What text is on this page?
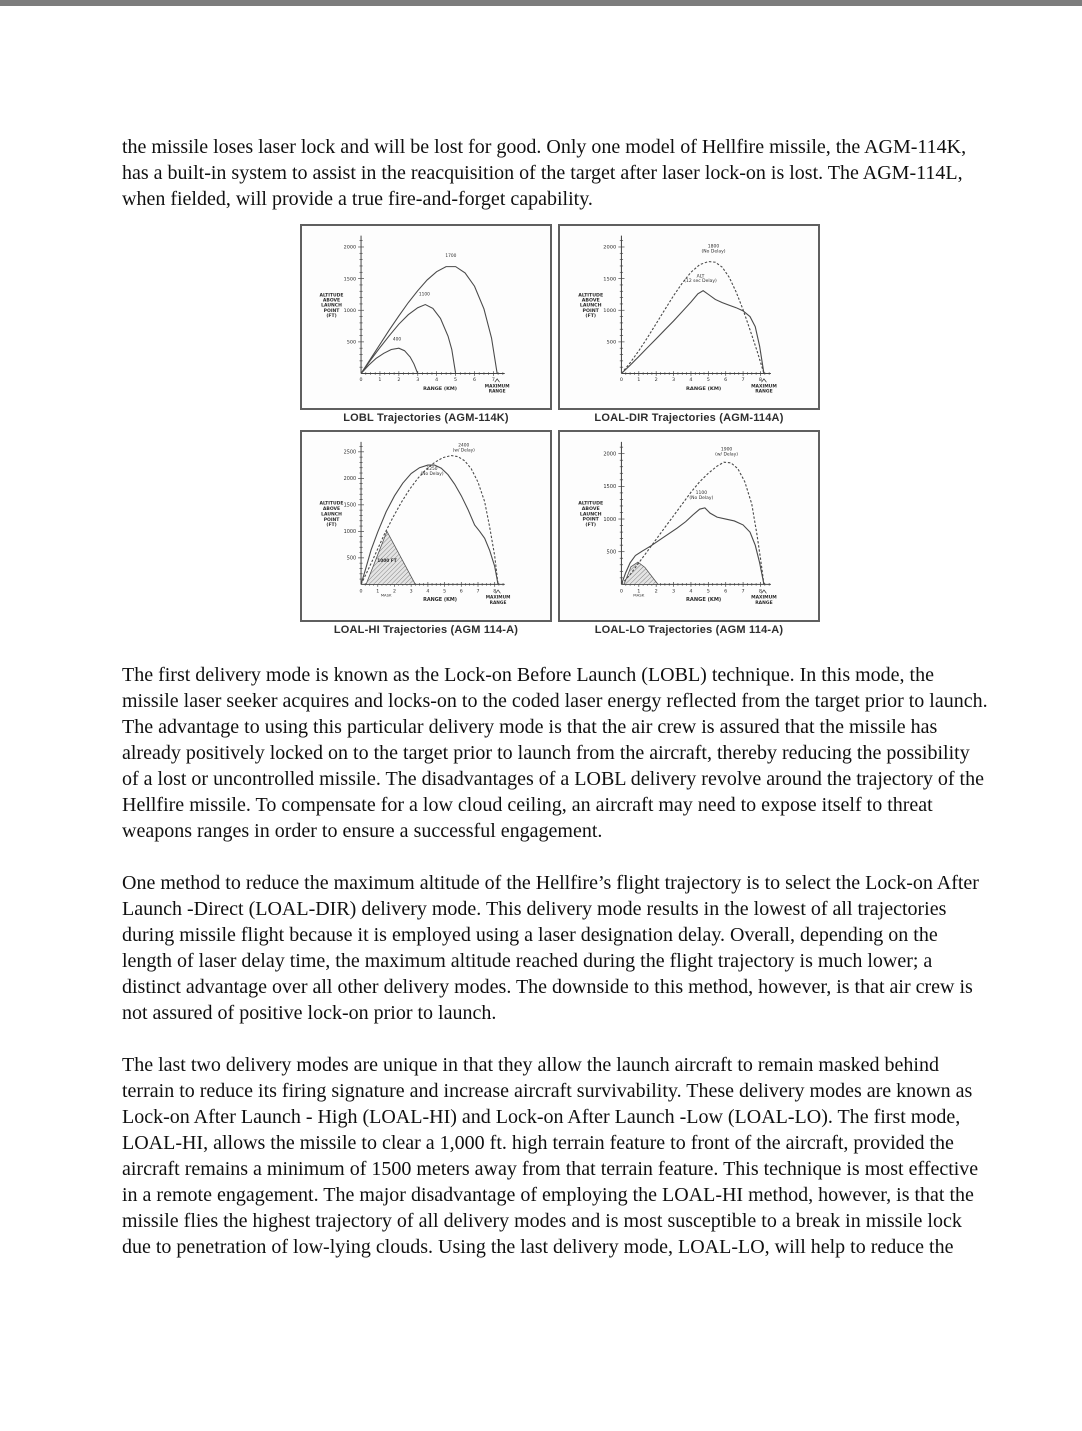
the missile loses laser lock and will be lost for good. Only one model of Hellfire missile, the AGM-114K, has a built-in system to assist in the reacquisition of the target after laser lock-on is lost. The AGM-114L, when fielded, will provide a true fire-and-forget capability.

500
1000
1500
2000
0	1	2	3	4	5	6	7
ALTITUDE
ABOVE
LAUNCH
POINT
(FT)
RANGE (KM)	MAXIMUM
RANGE
400
1100
1700
LOBL Trajectories (AGM-114K)
500
1000
1500
2000
0	1	2	3	4	5	6	7	8
ALTITUDE
ABOVE
LAUNCH
POINT
(FT)
RANGE (KM)	MAXIMUM
RANGE
1800
(No Delay)
ALT
(12 sec Delay)
LOAL-DIR Trajectories (AGM-114A)
500
1000
1500
2000
2500
0	1	2	3	4	5	6	7	8
ALTITUDE
ABOVE
LAUNCH
POINT
(FT)
RANGE (KM)	MAXIMUM
RANGE
1000 FT
MASK
2400
(w/ Delay)
2250
(No Delay)
LOAL-HI Trajectories (AGM 114-A)
500
1000
1500
2000
0	1	2	3	4	5	6	7	8
ALTITUDE
ABOVE
LAUNCH
POINT
(FT)
RANGE (KM)	MAXIMUM
RANGE
MASK
1900
(w/ Delay)
1100
(No Delay)
LOAL-LO Trajectories (AGM 114-A)

The first delivery mode is known as the Lock-on Before Launch (LOBL) technique. In this mode, the missile laser seeker acquires and locks-on to the coded laser energy reflected from the target prior to launch. The advantage to using this particular delivery mode is that the air crew is assured that the missile has already positively locked on to the target prior to launch from the aircraft, thereby reducing the possibility of a lost or uncontrolled missile. The disadvantages of a LOBL delivery revolve around the trajectory of the Hellfire missile. To compensate for a low cloud ceiling, an aircraft may need to expose itself to threat weapons ranges in order to ensure a successful engagement.

One method to reduce the maximum altitude of the Hellfire’s flight trajectory is to select the Lock-on After Launch -Direct (LOAL-DIR) delivery mode. This delivery mode results in the lowest of all trajectories during missile flight because it is employed using a laser designation delay. Overall, depending on the length of laser delay time, the maximum altitude reached during the flight trajectory is much lower; a distinct advantage over all other delivery modes. The downside to this method, however, is that air crew is not assured of positive lock-on prior to launch.

The last two delivery modes are unique in that they allow the launch aircraft to remain masked behind terrain to reduce its firing signature and increase aircraft survivability. These delivery modes are known as Lock-on After Launch - High (LOAL-HI) and Lock-on After Launch -Low (LOAL-LO). The first mode, LOAL-HI, allows the missile to clear a 1,000 ft. high terrain feature to front of the aircraft, provided the aircraft remains a minimum of 1500 meters away from that terrain feature. This technique is most effective in a remote engagement. The major disadvantage of employing the LOAL-HI method, however, is that the missile flies the highest trajectory of all delivery modes and is most susceptible to a break in missile lock due to penetration of low-lying clouds. Using the last delivery mode, LOAL-LO, will help to reduce the
